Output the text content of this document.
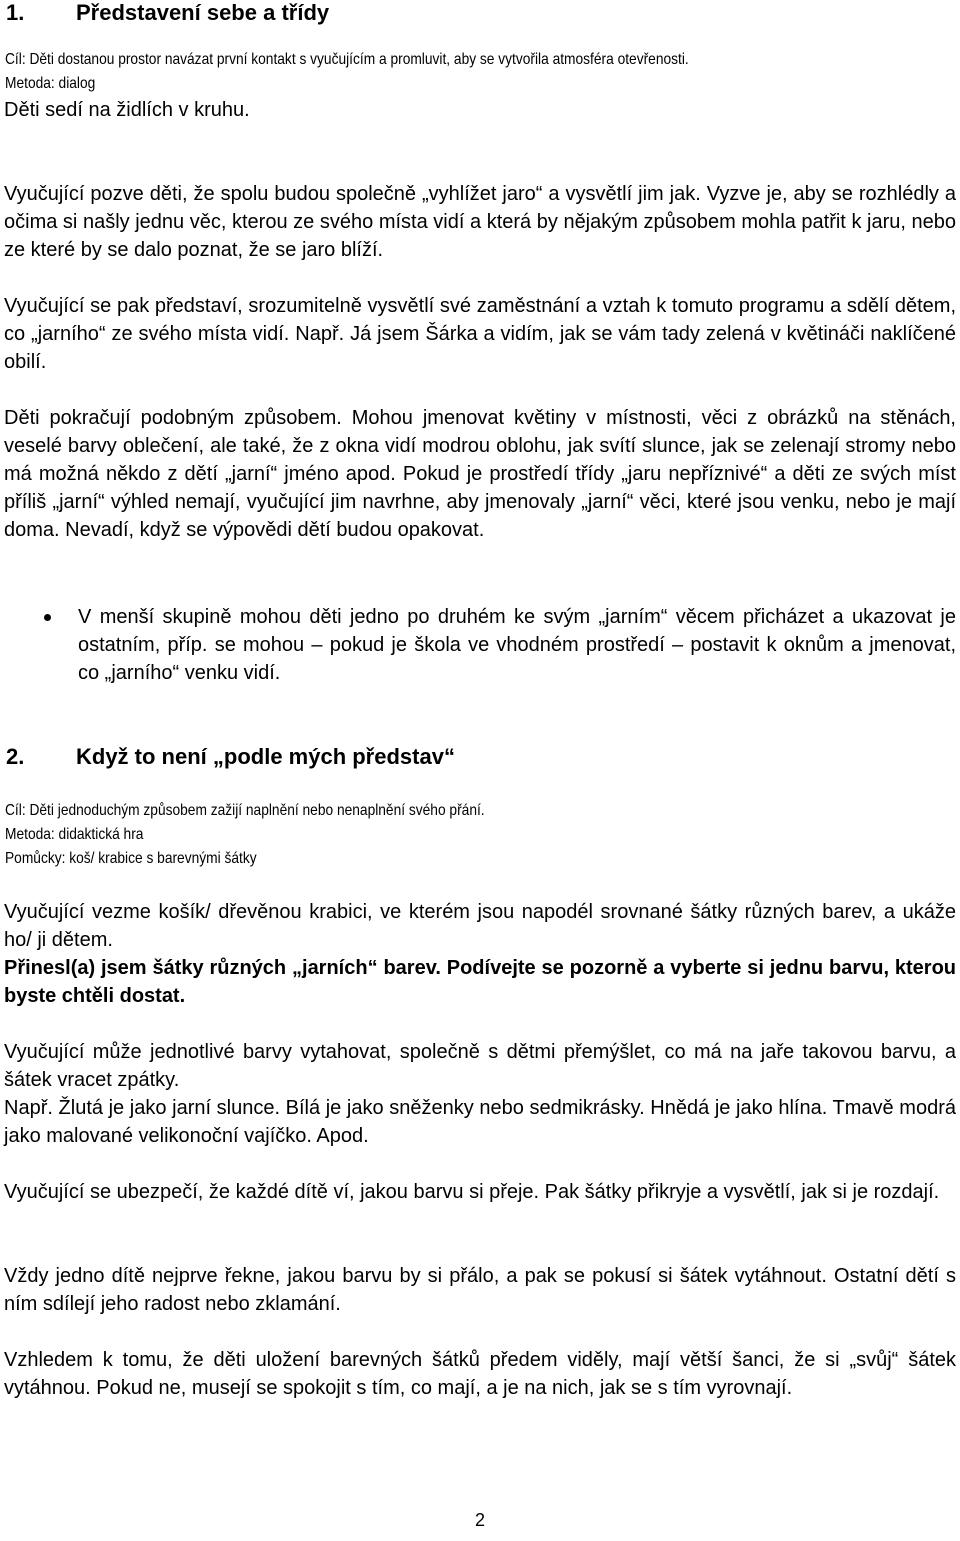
1. Představení sebe a třídy

Cíl: Děti dostanou prostor navázat první kontakt s vyučujícím a promluvit, aby se vytvořila atmosféra otevřenosti.

Metoda: dialog

Děti sedí na židlích v kruhu.

Vyučující pozve děti, že spolu budou společně „vyhlížet jaro“ a vysvětlí jim jak. Vyzve je, aby se rozhlédly a očima si našly jednu věc, kterou ze svého místa vidí a která by nějakým způsobem mohla patřit k jaru, nebo ze které by se dalo poznat, že se jaro blíží.

Vyučující se pak představí, srozumitelně vysvětlí své zaměstnání a vztah k tomuto programu a sdělí dětem, co „jarního“ ze svého místa vidí. Např. Já jsem Šárka a vidím, jak se vám tady zelená v květináči naklíčené obilí.

Děti pokračují podobným způsobem. Mohou jmenovat květiny v místnosti, věci z obrázků na stěnách, veselé barvy oblečení, ale také, že z okna vidí modrou oblohu, jak svítí slunce, jak se zelenají stromy nebo má možná někdo z dětí „jarní“ jméno apod. Pokud je prostředí třídy „jaru nepříznivé“ a děti ze svých míst příliš „jarní“ výhled nemají, vyučující jim navrhne, aby jmenovaly „jarní“ věci, které jsou venku, nebo je mají doma. Nevadí, když se výpovědi dětí budou opakovat.

V menší skupině mohou děti jedno po druhém ke svým „jarním“ věcem přicházet a ukazovat je ostatním, příp. se mohou – pokud je škola ve vhodném prostředí – postavit k oknům a jmenovat, co „jarního“ venku vidí.

2. Když to není „podle mých představ“

Cíl: Děti jednoduchým způsobem zažijí naplnění nebo nenaplnění svého přání.

Metoda: didaktická hra

Pomůcky: koš/ krabice s barevnými šátky

Vyučující vezme košík/ dřevěnou krabici, ve kterém jsou napodél srovnané šátky různých barev, a ukáže ho/ ji dětem.

Přinesl(a) jsem šátky různých „jarních“ barev. Podívejte se pozorně a vyberte si jednu barvu, kterou byste chtěli dostat.

Vyučující může jednotlivé barvy vytahovat, společně s dětmi přemýšlet, co má na jaře takovou barvu, a šátek vracet zpátky.

Např. Žlutá je jako jarní slunce. Bílá je jako sněženky nebo sedmikrásky. Hnědá je jako hlína. Tmavě modrá jako malované velikonoční vajíčko. Apod.

Vyučující se ubezpečí, že každé dítě ví, jakou barvu si přeje. Pak šátky přikryje a vysvětlí, jak si je rozdají.

Vždy jedno dítě nejprve řekne, jakou barvu by si přálo, a pak se pokusí si šátek vytáhnout. Ostatní dětí s ním sdílejí jeho radost nebo zklamání.

Vzhledem k tomu, že děti uložení barevných šátků předem viděly, mají větší šanci, že si „svůj“ šátek vytáhnou. Pokud ne, musejí se spokojit s tím, co mají, a je na nich, jak se s tím vyrovnají.

2
